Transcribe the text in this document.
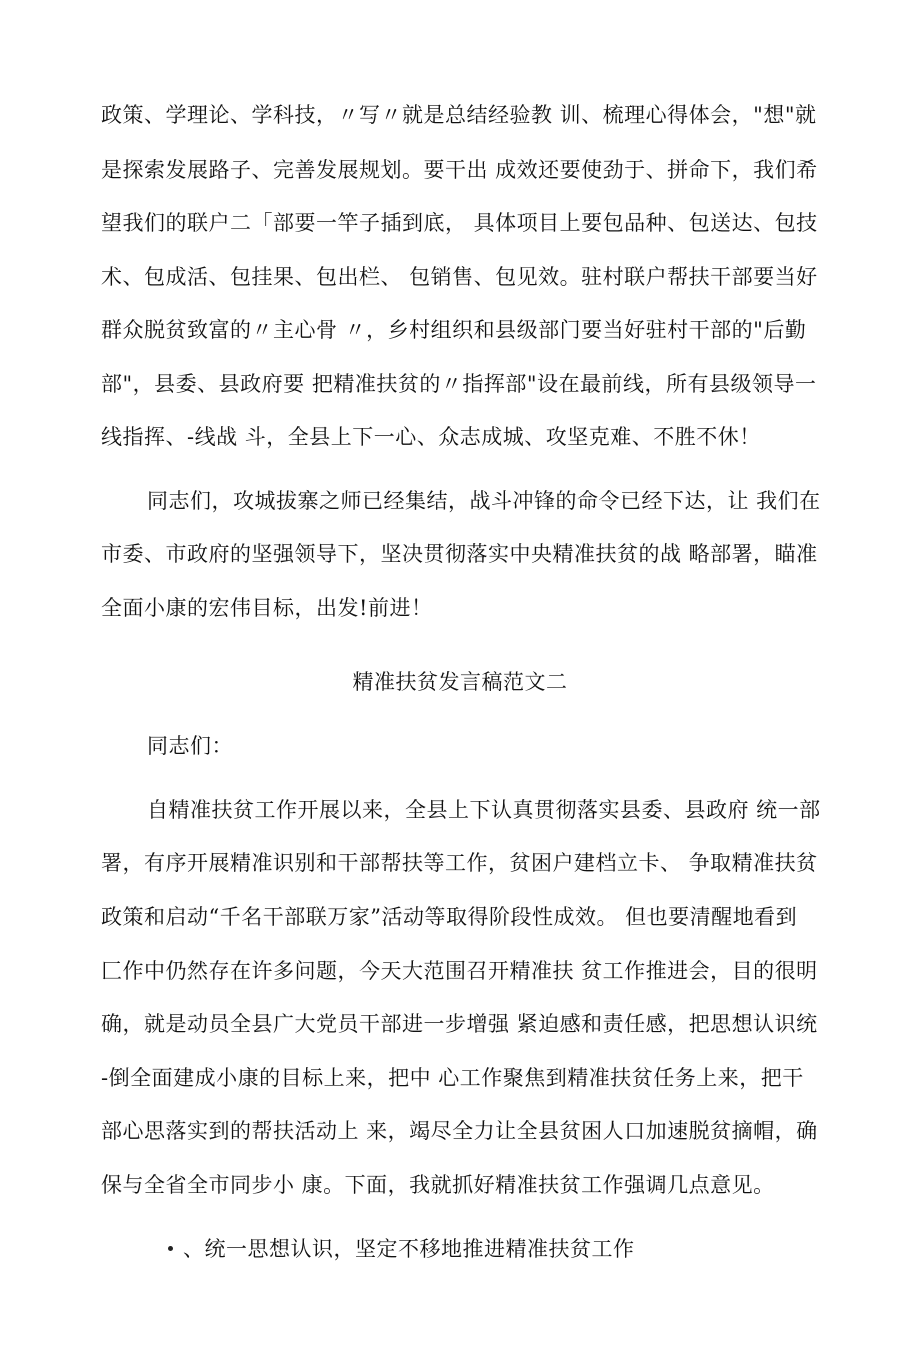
政策、学理论、学科技，〃写〃就是总结经验教 训、梳理心得体会，"想"就
是探索发展路子、完善发展规划。要干出 成效还要使劲于、拼命下，我们希
望我们的联户二「部要一竿子插到底， 具体项目上要包品种、包送达、包技
术、包成活、包挂果、包出栏、 包销售、包见效。驻村联户帮扶干部要当好
群众脱贫致富的〃主心骨 〃，乡村组织和县级部门要当好驻村干部的"后勤
部"，县委、县政府要 把精准扶贫的〃指挥部"设在最前线，所有县级领导一
线指挥、-线战 斗，全县上下一心、众志成城、攻坚克难、不胜不休！
同志们，攻城拔寨之师已经集结，战斗冲锋的命令已经下达，让 我们在
市委、市政府的坚强领导下，坚决贯彻落实中央精准扶贫的战 略部署，瞄准
全面小康的宏伟目标，出发!前进！
精准扶贫发言稿范文二
同志们：
自精准扶贫工作开展以来，全县上下认真贯彻落实县委、县政府 统一部
署，有序开展精准识别和干部帮扶等工作，贫困户建档立卡、 争取精准扶贫
政策和启动“千名干部联万家”活动等取得阶段性成效。 但也要清醒地看到
匚作中仍然存在许多问题，今天大范围召开精准扶 贫工作推进会，目的很明
确，就是动员全县广大党员干部进一步增强 紧迫感和责任感，把思想认识统
-倒全面建成小康的目标上来，把中 心工作聚焦到精准扶贫任务上来，把干
部心思落实到的帮扶活动上 来，竭尽全力让全县贫困人口加速脱贫摘帽，确
保与全省全市同步小 康。下面，我就抓好精准扶贫工作强调几点意见。
、统一思想认识，坚定不移地推进精准扶贫工作
